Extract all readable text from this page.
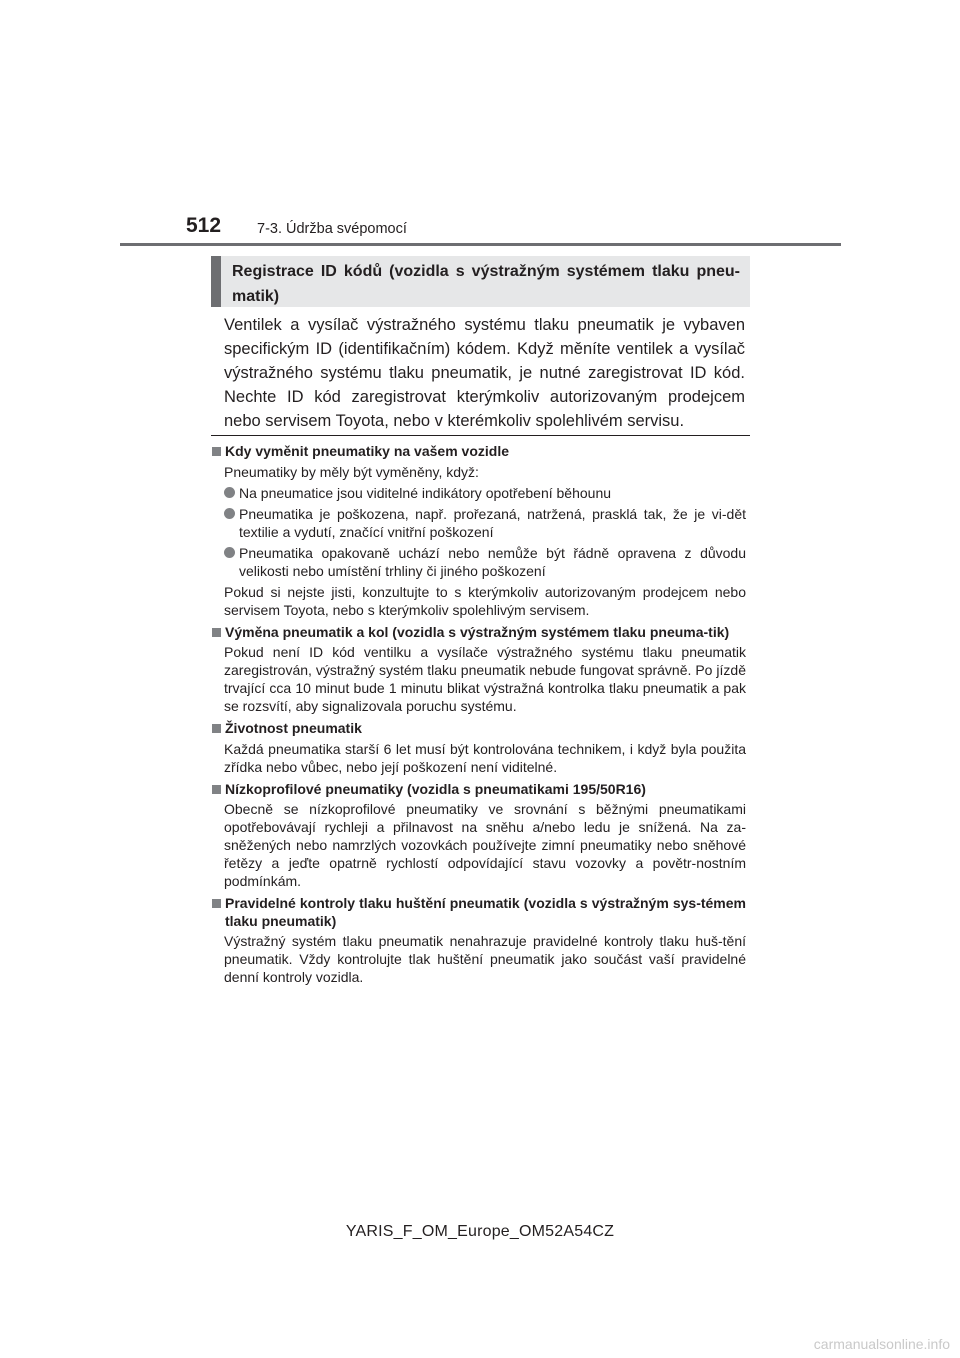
512 7-3. Údržba svépomocí

Registrace ID kódů (vozidla s výstražným systémem tlaku pneu-matik)

Ventilek a vysílač výstražného systému tlaku pneumatik je vybaven specifickým ID (identifikačním) kódem. Když měníte ventilek a vysílač výstražného systému tlaku pneumatik, je nutné zaregistrovat ID kód. Nechte ID kód zaregistrovat kterýmkoliv autorizovaným prodejcem nebo servisem Toyota, nebo v kterémkoliv spolehlivém servisu.

Kdy vyměnit pneumatiky na vašem vozidle
Pneumatiky by měly být vyměněny, když:
Na pneumatice jsou viditelné indikátory opotřebení běhounu
Pneumatika je poškozena, např. prořezaná, natržená, prasklá tak, že je vi-dět textilie a vydutí, značící vnitřní poškození
Pneumatika opakovaně uchází nebo nemůže být řádně opravena z důvodu velikosti nebo umístění trhliny či jiného poškození
Pokud si nejste jisti, konzultujte to s kterýmkoliv autorizovaným prodejcem nebo servisem Toyota, nebo s kterýmkoliv spolehlivým servisem.
Výměna pneumatik a kol (vozidla s výstražným systémem tlaku pneuma-tik)
Pokud není ID kód ventilku a vysílače výstražného systému tlaku pneumatik zaregistrován, výstražný systém tlaku pneumatik nebude fungovat správně. Po jízdě trvající cca 10 minut bude 1 minutu blikat výstražná kontrolka tlaku pneumatik a pak se rozsvítí, aby signalizovala poruchu systému.
Životnost pneumatik
Každá pneumatika starší 6 let musí být kontrolována technikem, i když byla použita zřídka nebo vůbec, nebo její poškození není viditelné.
Nízkoprofilové pneumatiky (vozidla s pneumatikami 195/50R16)
Obecně se nízkoprofilové pneumatiky ve srovnání s běžnými pneumatikami opotřebovávají rychleji a přilnavost na sněhu a/nebo ledu je snížená. Na za-sněžených nebo namrzlých vozovkách používejte zimní pneumatiky nebo sněhové řetězy a jeďte opatrně rychlostí odpovídající stavu vozovky a povětr-nostním podmínkám.
Pravidelné kontroly tlaku huštění pneumatik (vozidla s výstražným sys-témem tlaku pneumatik)
Výstražný systém tlaku pneumatik nenahrazuje pravidelné kontroly tlaku huš-tění pneumatik. Vždy kontrolujte tlak huštění pneumatik jako součást vaší pravidelné denní kontroly vozidla.
YARIS_F_OM_Europe_OM52A54CZ
carmanualsonline.info
